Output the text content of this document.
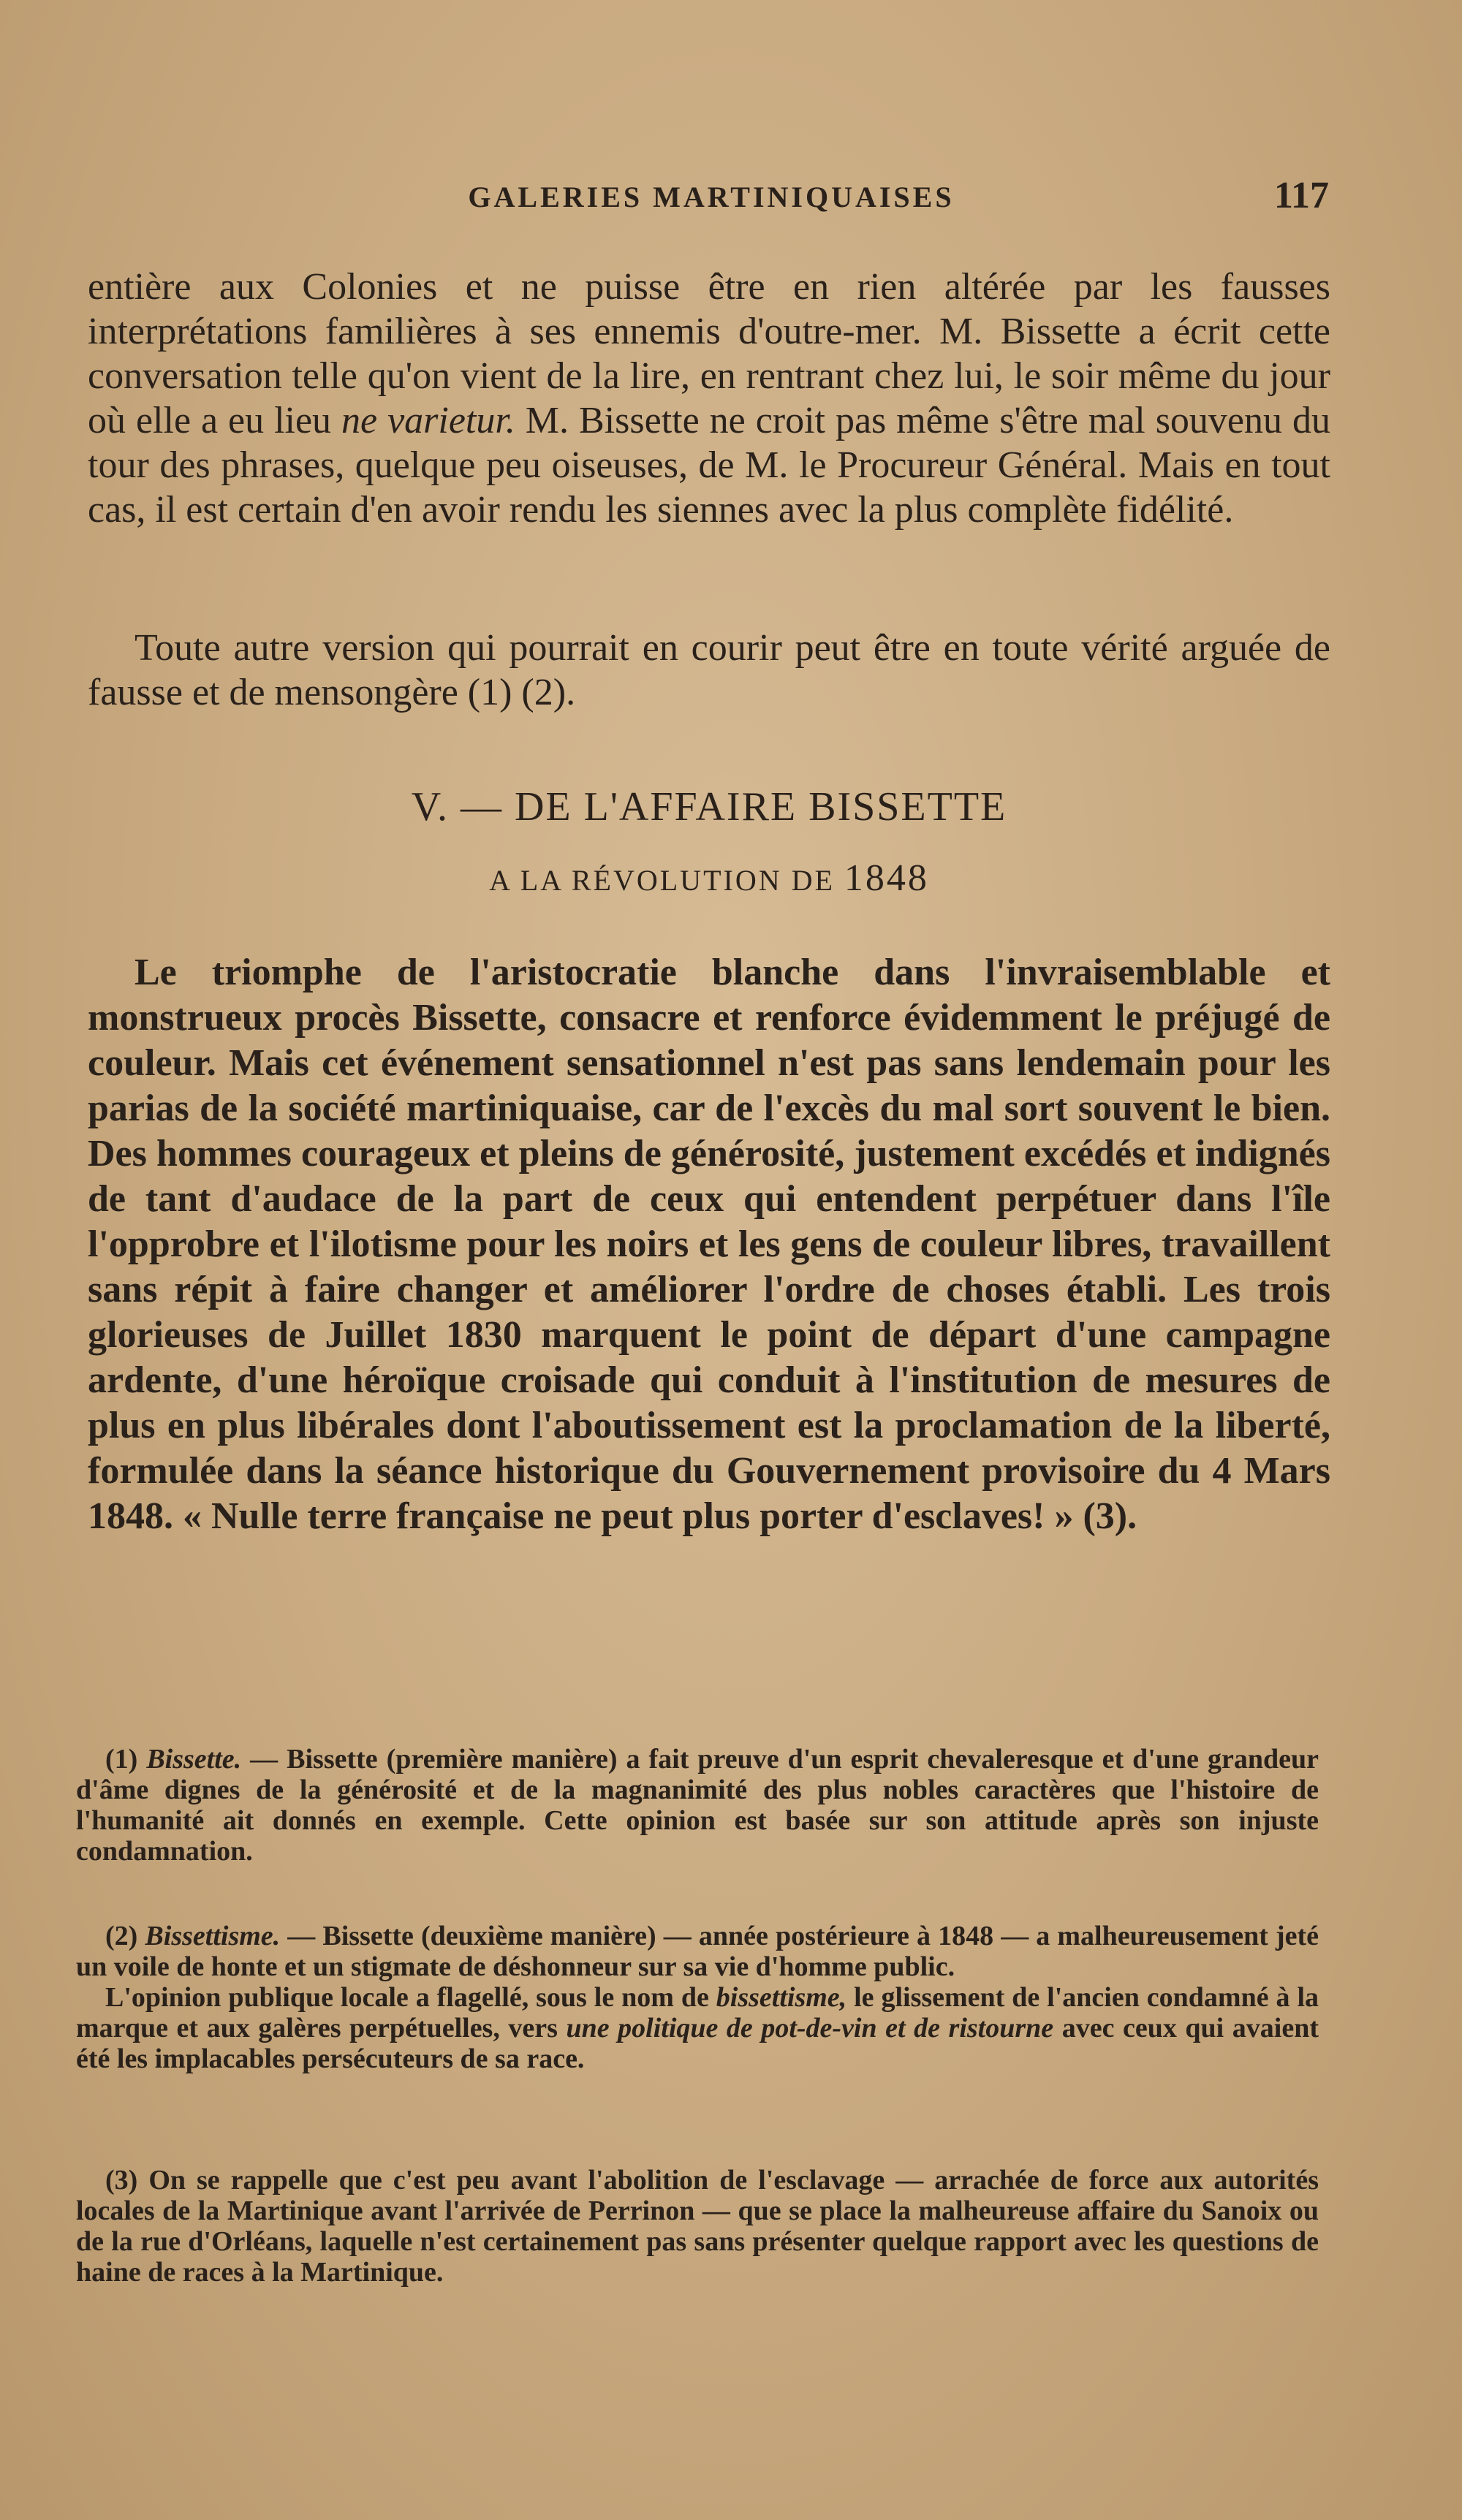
GALERIES MARTINIQUAISES	117

entière aux Colonies et ne puisse être en rien altérée par les fausses interprétations familières à ses ennemis d'outre-mer. M. Bissette a écrit cette conversation telle qu'on vient de la lire, en rentrant chez lui, le soir même du jour où elle a eu lieu ne varietur. M. Bissette ne croit pas même s'être mal souvenu du tour des phrases, quelque peu oiseuses, de M. le Procureur Général. Mais en tout cas, il est certain d'en avoir rendu les siennes avec la plus complète fidélité.

Toute autre version qui pourrait en courir peut être en toute vérité arguée de fausse et de mensongère (1) (2).

V. — DE L'AFFAIRE BISSETTE
A LA RÉVOLUTION DE 1848

Le triomphe de l'aristocratie blanche dans l'invraisemblable et monstrueux procès Bissette, consacre et renforce évidemment le préjugé de couleur. Mais cet événement sensationnel n'est pas sans lendemain pour les parias de la société martiniquaise, car de l'excès du mal sort souvent le bien. Des hommes courageux et pleins de générosité, justement excédés et indignés de tant d'audace de la part de ceux qui entendent perpétuer dans l'île l'opprobre et l'ilotisme pour les noirs et les gens de couleur libres, travaillent sans répit à faire changer et améliorer l'ordre de choses établi. Les trois glorieuses de Juillet 1830 marquent le point de départ d'une campagne ardente, d'une héroïque croisade qui conduit à l'institution de mesures de plus en plus libérales dont l'aboutissement est la proclamation de la liberté, formulée dans la séance historique du Gouvernement provisoire du 4 Mars 1848. « Nulle terre française ne peut plus porter d'esclaves! » (3).

(1) Bissette. — Bissette (première manière) a fait preuve d'un esprit chevaleresque et d'une grandeur d'âme dignes de la générosité et de la magnanimité des plus nobles caractères que l'histoire de l'humanité ait donnés en exemple. Cette opinion est basée sur son attitude après son injuste condamnation.

(2) Bissettisme. — Bissette (deuxième manière) — année postérieure à 1848 — a malheureusement jeté un voile de honte et un stigmate de déshonneur sur sa vie d'homme public.

L'opinion publique locale a flagellé, sous le nom de bissettisme, le glissement de l'ancien condamné à la marque et aux galères perpétuelles, vers une politique de pot-de-vin et de ristourne avec ceux qui avaient été les implacables persécuteurs de sa race.

(3) On se rappelle que c'est peu avant l'abolition de l'esclavage — arrachée de force aux autorités locales de la Martinique avant l'arrivée de Perrinon — que se place la malheureuse affaire du Sanoix ou de la rue d'Orléans, laquelle n'est certainement pas sans présenter quelque rapport avec les questions de haine de races à la Martinique.
